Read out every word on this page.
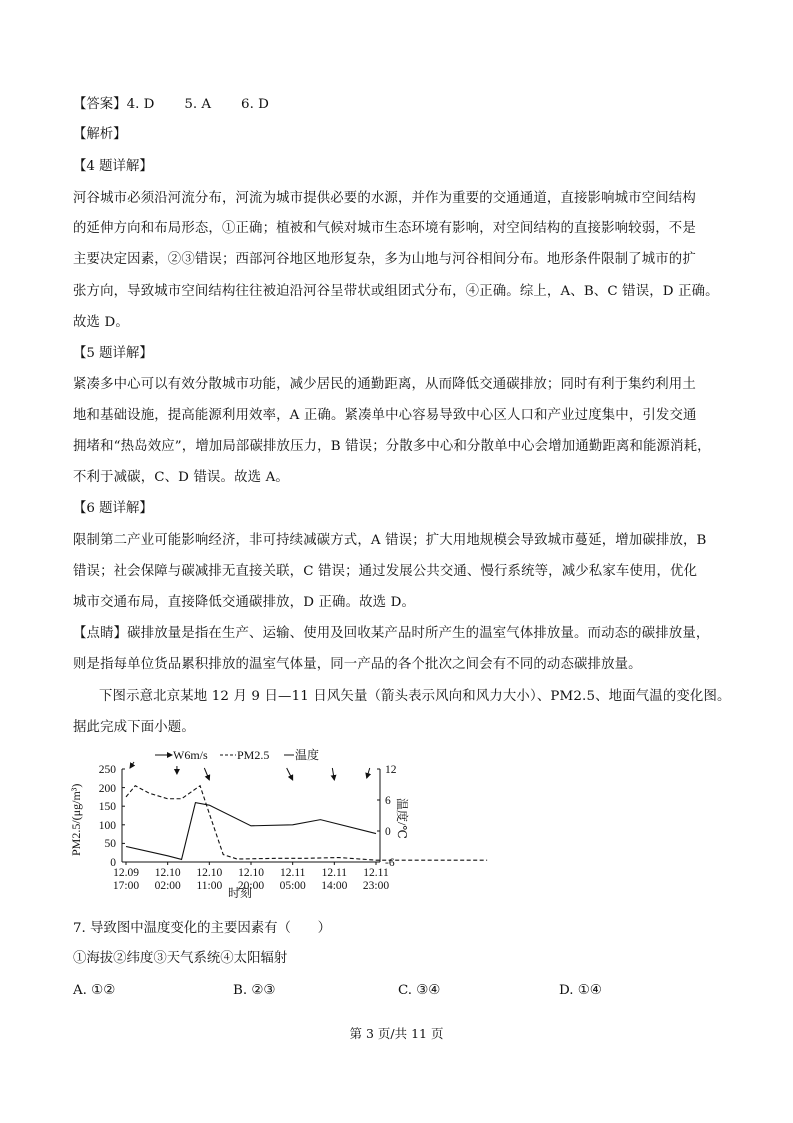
【答案】4. D 5. A 6. D
【解析】
【4 题详解】
河谷城市必须沿河流分布，河流为城市提供必要的水源，并作为重要的交通通道，直接影响城市空间结构
的延伸方向和布局形态，①正确；植被和气候对城市生态环境有影响，对空间结构的直接影响较弱，不是
主要决定因素，②③错误；西部河谷地区地形复杂，多为山地与河谷相间分布。地形条件限制了城市的扩
张方向，导致城市空间结构往往被迫沿河谷呈带状或组团式分布，④正确。综上，A、B、C 错误，D 正确。
故选 D。
【5 题详解】
紧凑多中心可以有效分散城市功能，减少居民的通勤距离，从而降低交通碳排放；同时有利于集约利用土
地和基础设施，提高能源利用效率，A 正确。紧凑单中心容易导致中心区人口和产业过度集中，引发交通
拥堵和“热岛效应”，增加局部碳排放压力，B 错误；分散多中心和分散单中心会增加通勤距离和能源消耗，
不利于减碳，C、D 错误。故选 A。
【6 题详解】
限制第二产业可能影响经济，非可持续减碳方式，A 错误；扩大用地规模会导致城市蔓延，增加碳排放，B
错误；社会保障与碳减排无直接关联，C 错误；通过发展公共交通、慢行系统等，减少私家车使用，优化
城市交通布局，直接降低交通碳排放，D 正确。故选 D。
【点睛】碳排放量是指在生产、运输、使用及回收某产品时所产生的温室气体排放量。而动态的碳排放量，
则是指每单位货品累积排放的温室气体量，同一产品的各个批次之间会有不同的动态碳排放量。
下图示意北京某地 12 月 9 日—11 日风矢量（箭头表示风向和风力大小）、PM2.5、地面气温的变化图。
据此完成下面小题。
250
200
150
100
50
0
12
6
0
-6
PM2.5/(μg/m³)	温度/℃
时刻
W6m/s PM2.5 温度
12.09
17:00
12.10
02:00
12.10
11:00
12.10
20:00
12.11
05:00
12.11
14:00
12.11
23:00
7. 导致图中温度变化的主要因素有（　　）
①海拔②纬度③天气系统④太阳辐射
A. ①②	B. ②③	C. ③④	D. ①④
第 3 页/共 11 页
